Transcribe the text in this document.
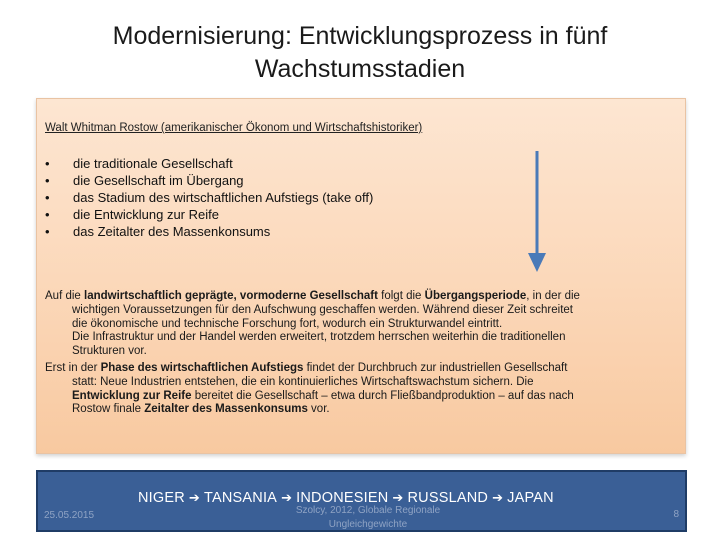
Modernisierung: Entwicklungsprozess in fünf
Wachstumsstadien
Walt Whitman Rostow (amerikanischer Ökonom und Wirtschaftshistoriker)
• die traditionale Gesellschaft
• die Gesellschaft im Übergang
• das Stadium des wirtschaftlichen Aufstiegs (take off)
• die Entwicklung zur Reife
• das Zeitalter des Massenkonsums
Auf die landwirtschaftlich geprägte, vormoderne Gesellschaft folgt die Übergangsperiode, in der die
wichtigen Voraussetzungen für den Aufschwung geschaffen werden. Während dieser Zeit schreitet
die ökonomische und technische Forschung fort, wodurch ein Strukturwandel eintritt.
Die Infrastruktur und der Handel werden erweitert, trotzdem herrschen weiterhin die traditionellen
Strukturen vor.
Erst in der Phase des wirtschaftlichen Aufstiegs findet der Durchbruch zur industriellen Gesellschaft
statt: Neue Industrien entstehen, die ein kontinuierliches Wirtschaftswachstum sichern. Die
Entwicklung zur Reife bereitet die Gesellschaft – etwa durch Fließbandproduktion – auf das nach
Rostow finale Zeitalter des Massenkonsums vor.
NIGER ➔ TANSANIA ➔ INDONESIEN ➔ RUSSLAND ➔ JAPAN
25.05.2015	Szolcy, 2012, Globale Regionale
Ungleichgewichte
8
